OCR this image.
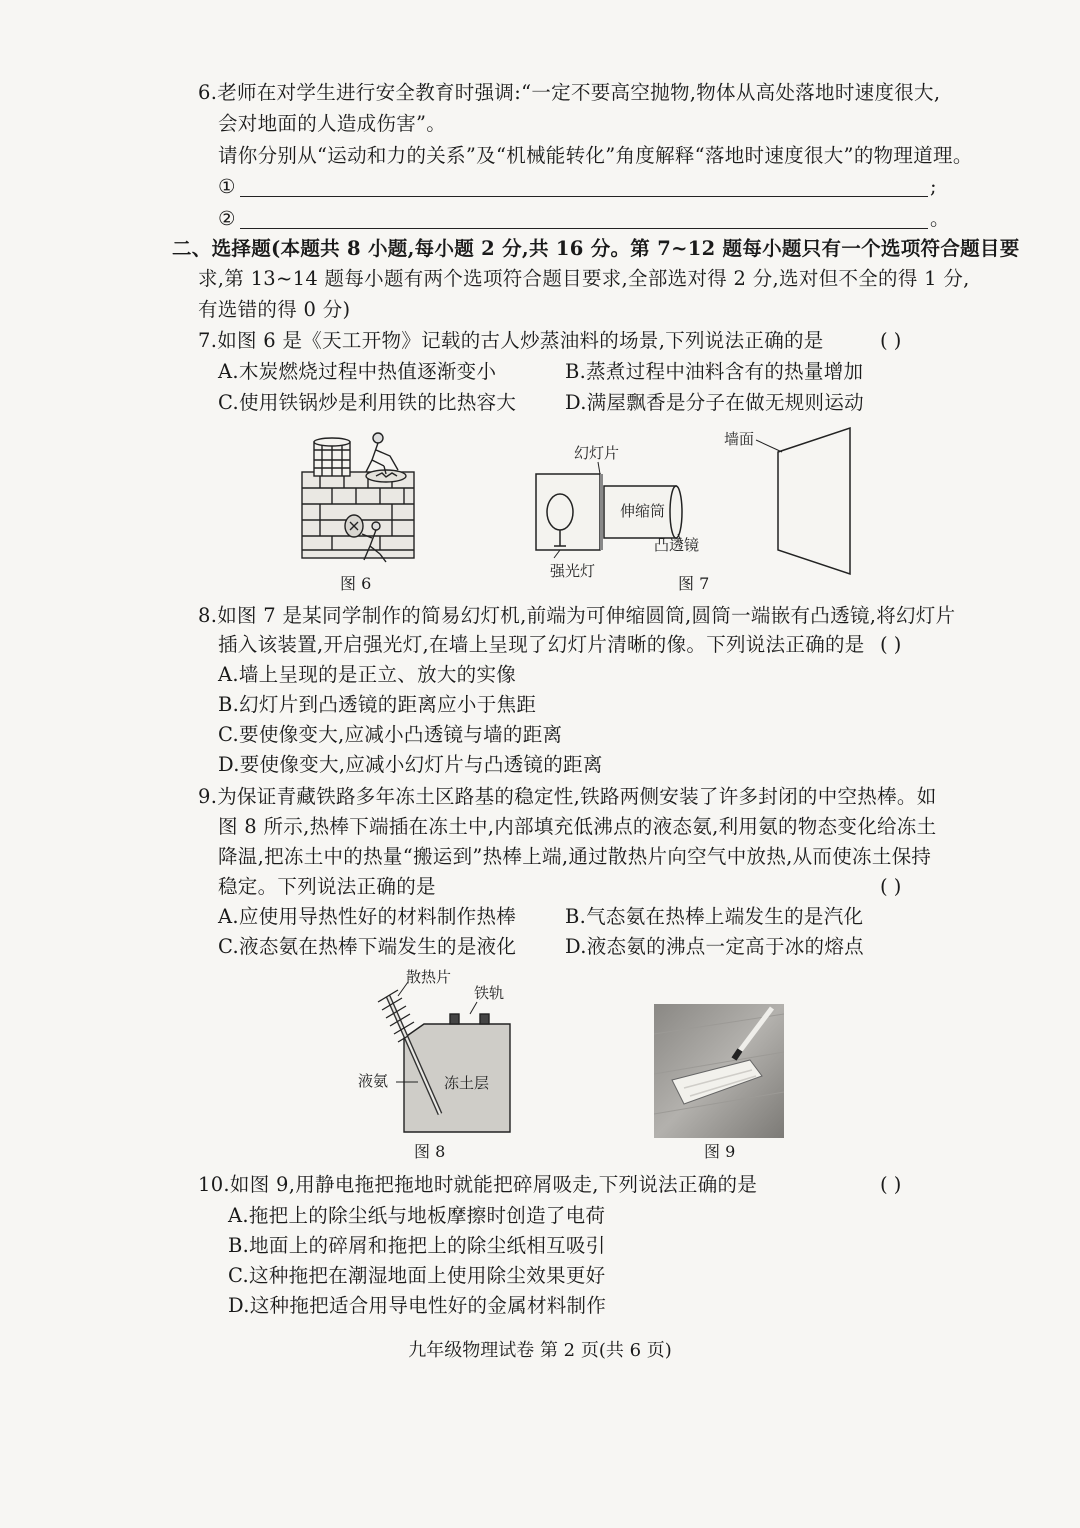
6.老师在对学生进行安全教育时强调:“一定不要高空抛物,物体从高处落地时速度很大,
会对地面的人造成伤害”。
请你分别从“运动和力的关系”及“机械能转化”角度解释“落地时速度很大”的物理道理。
①	;
②	。
二、选择题(本题共 8 小题,每小题 2 分,共 16 分。第 7~12 题每小题只有一个选项符合题目要
求,第 13~14 题每小题有两个选项符合题目要求,全部选对得 2 分,选对但不全的得 1 分,
有选错的得 0 分)
7.如图 6 是《天工开物》记载的古人炒蒸油料的场景,下列说法正确的是	( )
A.木炭燃烧过程中热值逐渐变小	B.蒸煮过程中油料含有的热量增加
C.使用铁锅炒是利用铁的比热容大	D.满屋飘香是分子在做无规则运动
图 6
幻灯片
伸缩筒
强光灯
凸透镜
墙面
图 7
8.如图 7 是某同学制作的简易幻灯机,前端为可伸缩圆筒,圆筒一端嵌有凸透镜,将幻灯片
插入该装置,开启强光灯,在墙上呈现了幻灯片清晰的像。下列说法正确的是 ( )
A.墙上呈现的是正立、放大的实像
B.幻灯片到凸透镜的距离应小于焦距
C.要使像变大,应减小凸透镜与墙的距离
D.要使像变大,应减小幻灯片与凸透镜的距离
9.为保证青藏铁路多年冻土区路基的稳定性,铁路两侧安装了许多封闭的中空热棒。如
图 8 所示,热棒下端插在冻土中,内部填充低沸点的液态氨,利用氨的物态变化给冻土
降温,把冻土中的热量“搬运到”热棒上端,通过散热片向空气中放热,从而使冻土保持
稳定。下列说法正确的是	( )
A.应使用导热性好的材料制作热棒	B.气态氨在热棒上端发生的是汽化
C.液态氨在热棒下端发生的是液化	D.液态氨的沸点一定高于冰的熔点
散热片
铁轨
液氨	冻土层
图 8	图 9
10.如图 9,用静电拖把拖地时就能把碎屑吸走,下列说法正确的是	( )
A.拖把上的除尘纸与地板摩擦时创造了电荷
B.地面上的碎屑和拖把上的除尘纸相互吸引
C.这种拖把在潮湿地面上使用除尘效果更好
D.这种拖把适合用导电性好的金属材料制作
九年级物理试卷 第 2 页(共 6 页)
